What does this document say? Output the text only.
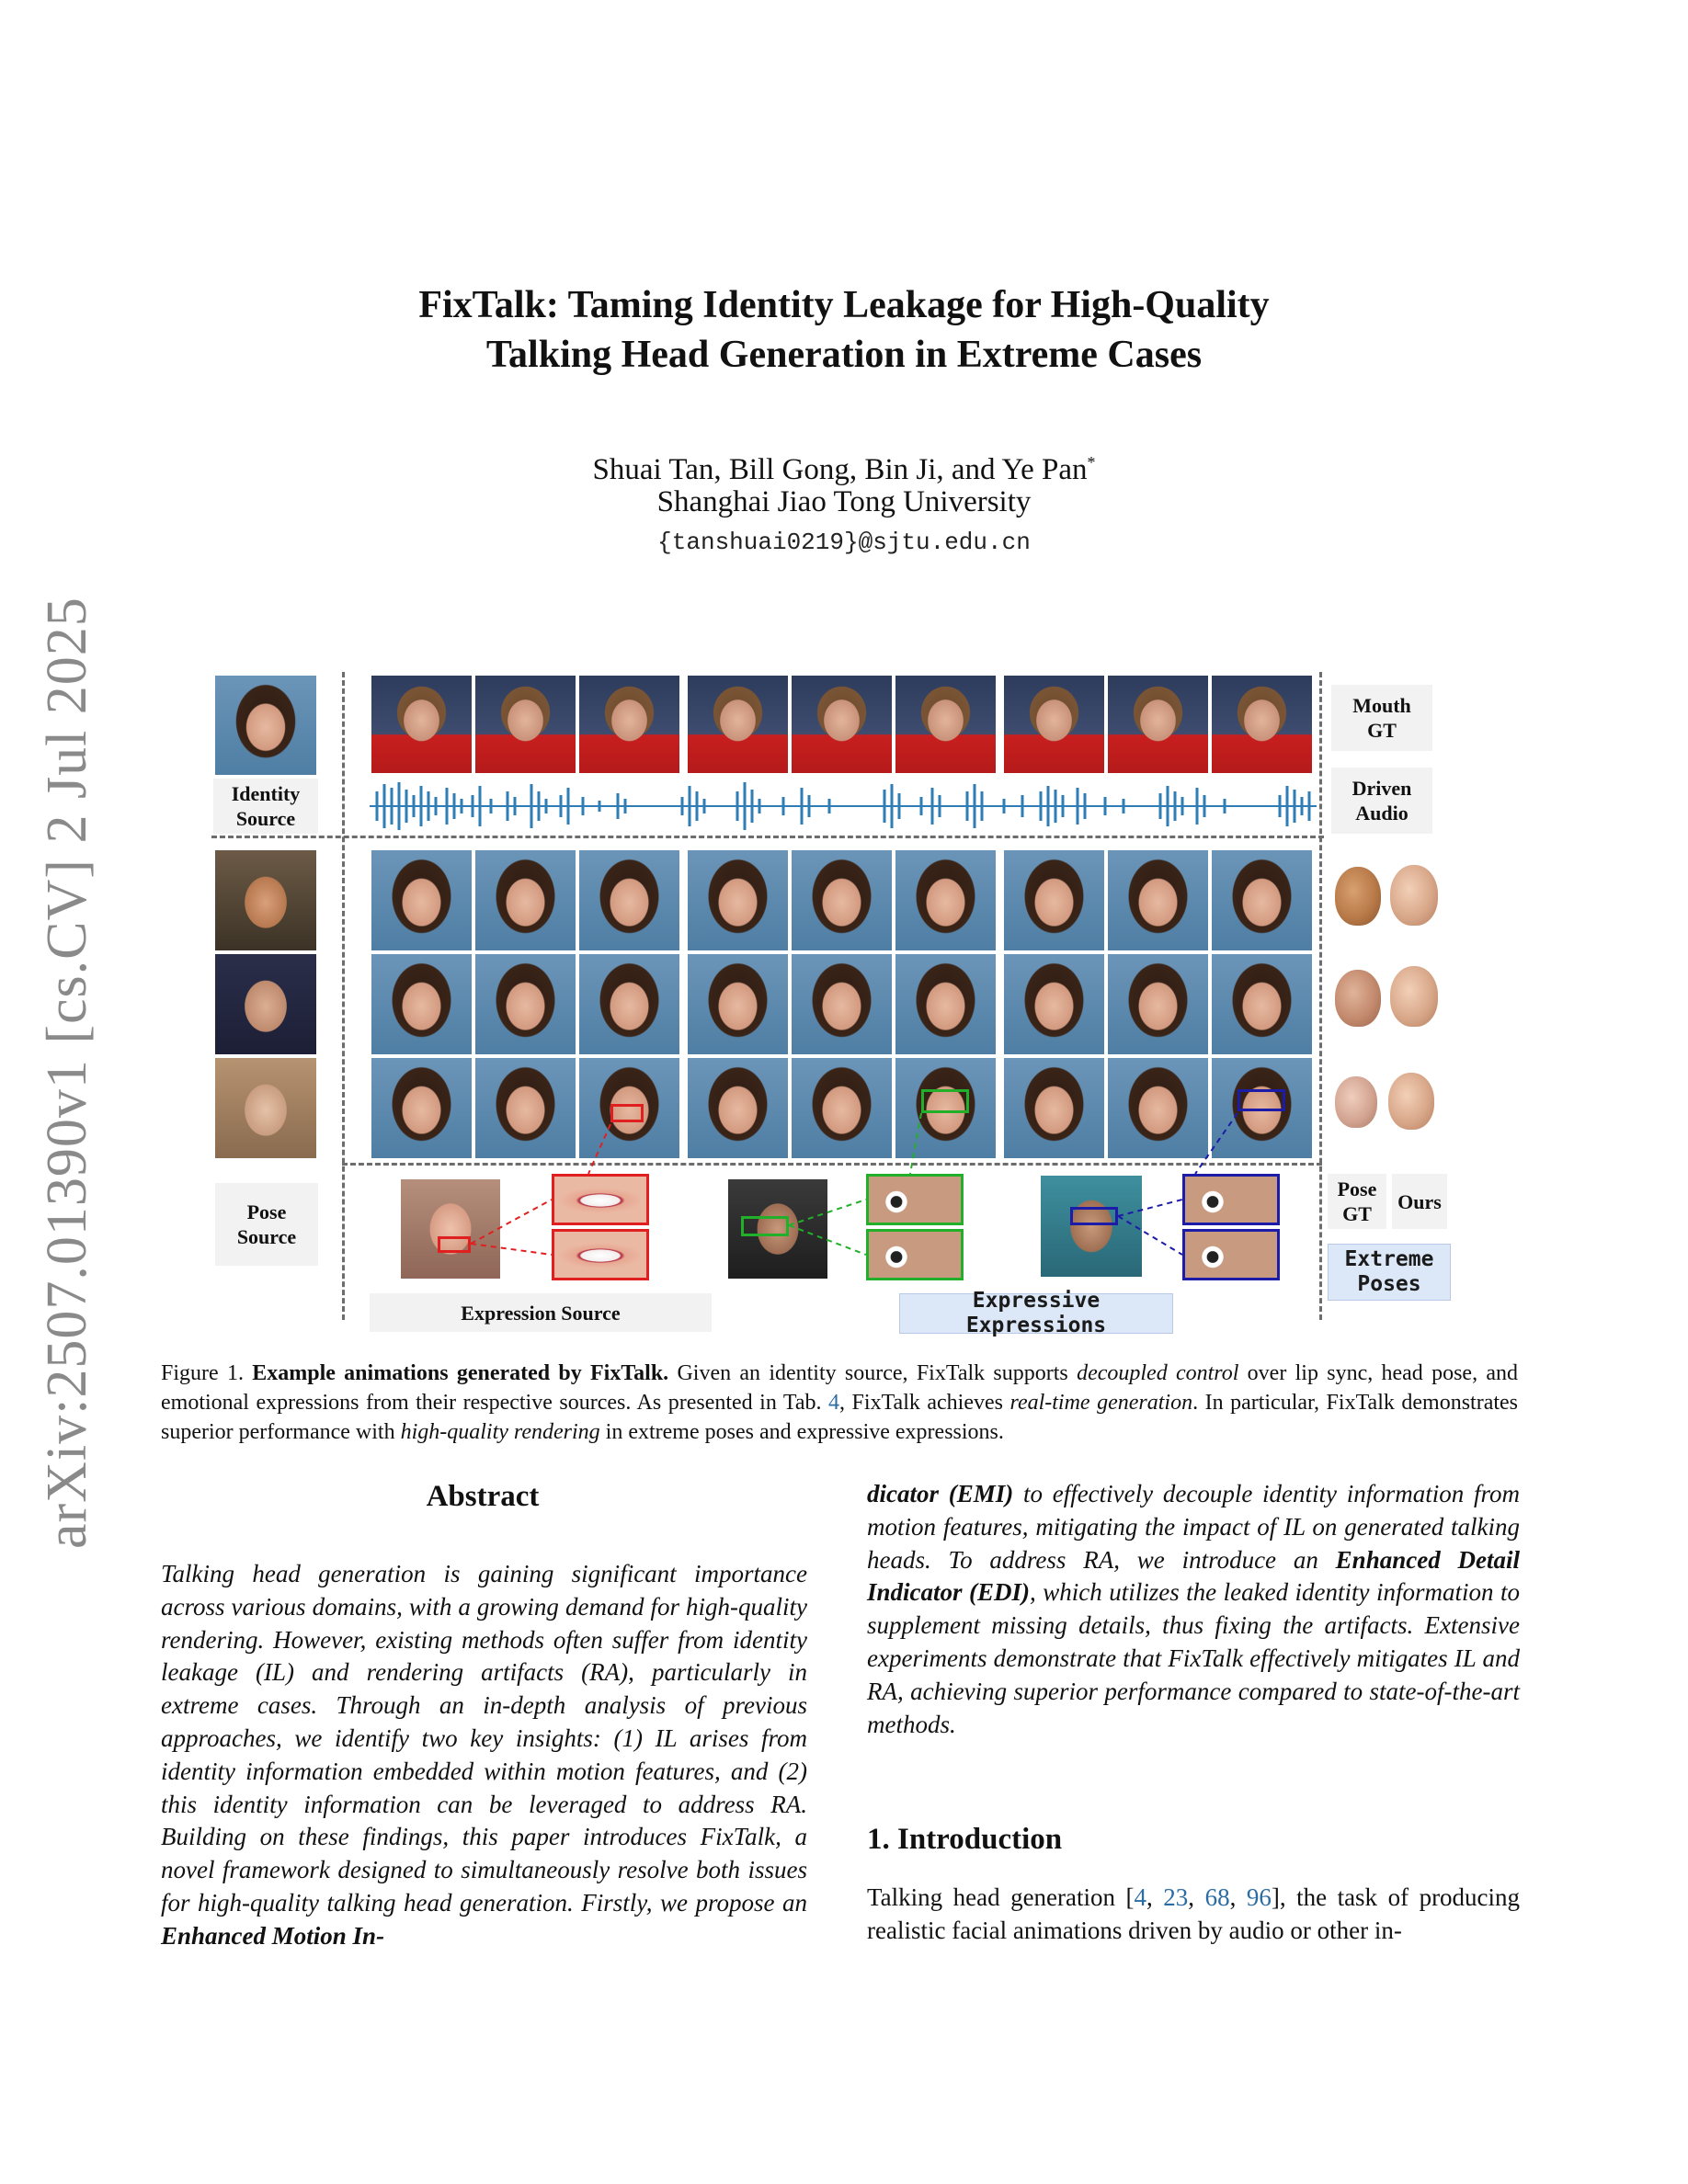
arXiv:2507.01390v1 [cs.CV] 2 Jul 2025
FixTalk: Taming Identity Leakage for High-Quality
Talking Head Generation in Extreme Cases
Shuai Tan, Bill Gong, Bin Ji, and Ye Pan*
Shanghai Jiao Tong University
{tanshuai0219}@sjtu.edu.cn
Identity
Source
Pose
Source
Mouth
GT
Driven
Audio
Pose
GT
Ours
Extreme
Poses
Expression Source	Expressive Expressions
Figure 1. Example animations generated by FixTalk. Given an identity source, FixTalk supports decoupled control over lip sync, head pose, and emotional expressions from their respective sources. As presented in Tab. 4, FixTalk achieves real-time generation. In particular, FixTalk demonstrates superior performance with high-quality rendering in extreme poses and expressive expressions.
Abstract
Talking head generation is gaining significant importance across various domains, with a growing demand for high-quality rendering. However, existing methods often suffer from identity leakage (IL) and rendering artifacts (RA), particularly in extreme cases. Through an in-depth analysis of previous approaches, we identify two key insights: (1) IL arises from identity information embedded within motion features, and (2) this identity information can be leveraged to address RA. Building on these findings, this paper introduces FixTalk, a novel framework designed to simultaneously resolve both issues for high-quality talking head generation. Firstly, we propose an Enhanced Motion In-
dicator (EMI) to effectively decouple identity information from motion features, mitigating the impact of IL on generated talking heads. To address RA, we introduce an Enhanced Detail Indicator (EDI), which utilizes the leaked identity information to supplement missing details, thus fixing the artifacts. Extensive experiments demonstrate that FixTalk effectively mitigates IL and RA, achieving superior performance compared to state-of-the-art methods.
1. Introduction
Talking head generation [4, 23, 68, 96], the task of producing realistic facial animations driven by audio or other in-
